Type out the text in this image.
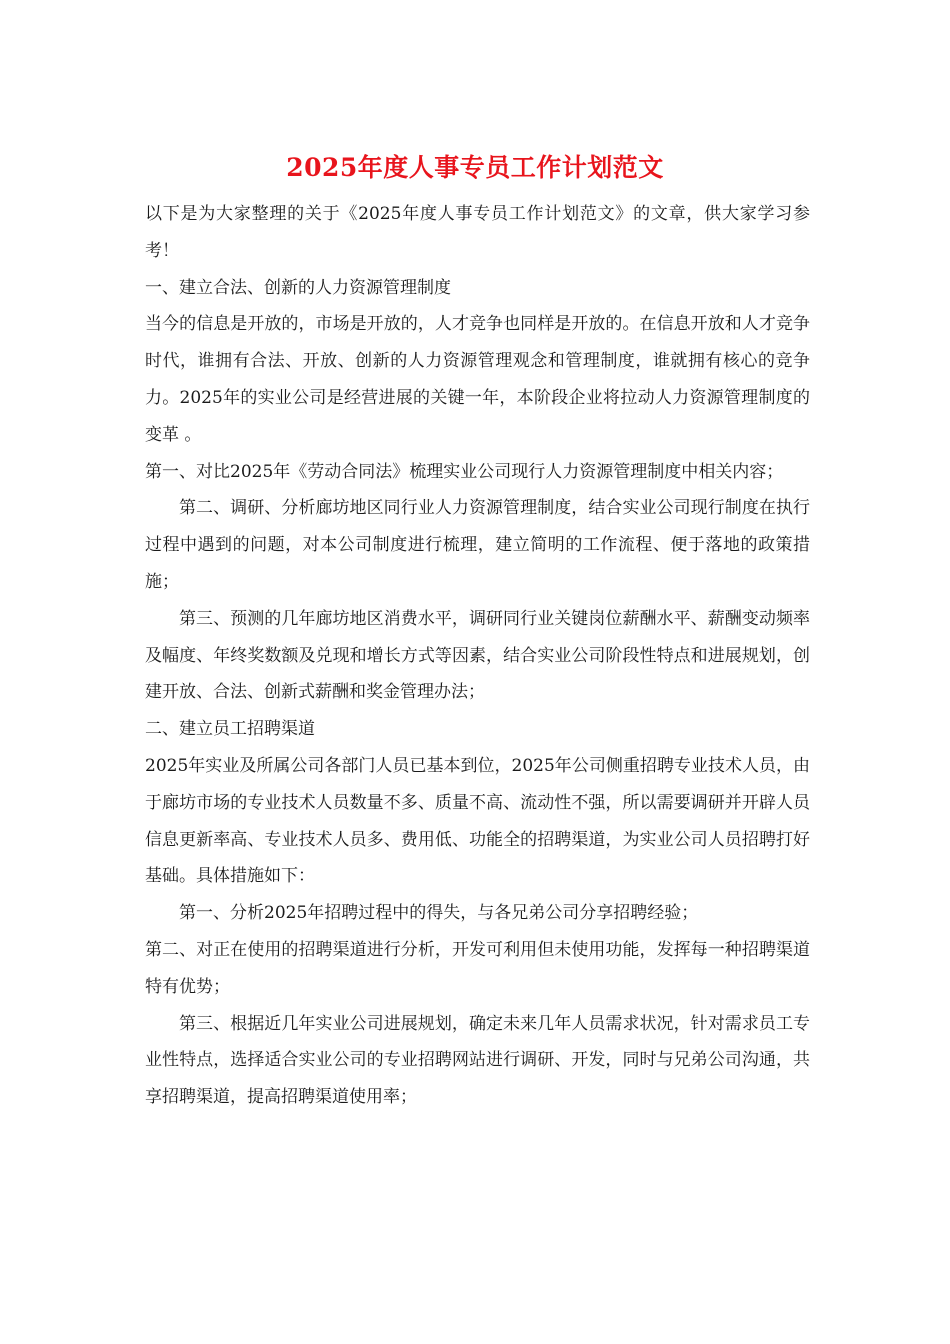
2025年度人事专员工作计划范文

以下是为大家整理的关于《2025年度人事专员工作计划范文》的文章，供大家学习参考！

一、建立合法、创新的人力资源管理制度

当今的信息是开放的，市场是开放的，人才竞争也同样是开放的。在信息开放和人才竞争时代，谁拥有合法、开放、创新的人力资源管理观念和管理制度，谁就拥有核心的竞争力。2025年的实业公司是经营进展的关键一年，本阶段企业将拉动人力资源管理制度的变革 。

第一、对比2025年《劳动合同法》梳理实业公司现行人力资源管理制度中相关内容；

第二、调研、分析廊坊地区同行业人力资源管理制度，结合实业公司现行制度在执行过程中遇到的问题，对本公司制度进行梳理，建立简明的工作流程、便于落地的政策措施；

第三、预测的几年廊坊地区消费水平，调研同行业关键岗位薪酬水平、薪酬变动频率及幅度、年终奖数额及兑现和增长方式等因素，结合实业公司阶段性特点和进展规划，创建开放、合法、创新式薪酬和奖金管理办法；

二、建立员工招聘渠道

2025年实业及所属公司各部门人员已基本到位，2025年公司侧重招聘专业技术人员，由于廊坊市场的专业技术人员数量不多、质量不高、流动性不强，所以需要调研并开辟人员信息更新率高、专业技术人员多、费用低、功能全的招聘渠道，为实业公司人员招聘打好基础。具体措施如下：

第一、分析2025年招聘过程中的得失，与各兄弟公司分享招聘经验；

第二、对正在使用的招聘渠道进行分析，开发可利用但未使用功能，发挥每一种招聘渠道特有优势；

第三、根据近几年实业公司进展规划，确定未来几年人员需求状况，针对需求员工专业性特点，选择适合实业公司的专业招聘网站进行调研、开发，同时与兄弟公司沟通，共享招聘渠道，提高招聘渠道使用率；
